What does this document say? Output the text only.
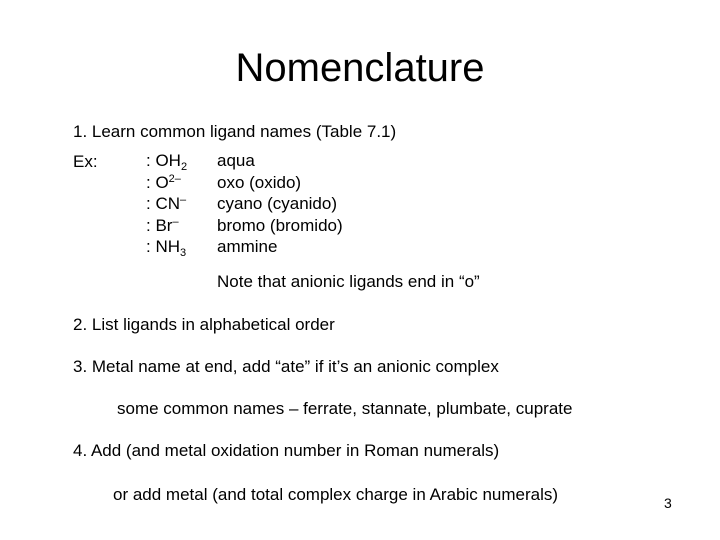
Nomenclature
1. Learn common ligand names (Table 7.1)
Ex:	: $OH_2$
: $O^{2-}$
: CN–
: Br–
: $NH_3$
aqua
oxo (oxido)
cyano (cyanido)
bromo (bromido)
ammine
Note that anionic ligands end in “o”
2. List ligands in alphabetical order
3. Metal name at end, add “ate” if it’s an anionic complex
some common names – ferrate, stannate, plumbate, cuprate
4. Add (and metal oxidation number in Roman numerals)
or add metal (and total complex charge in Arabic numerals)	3
